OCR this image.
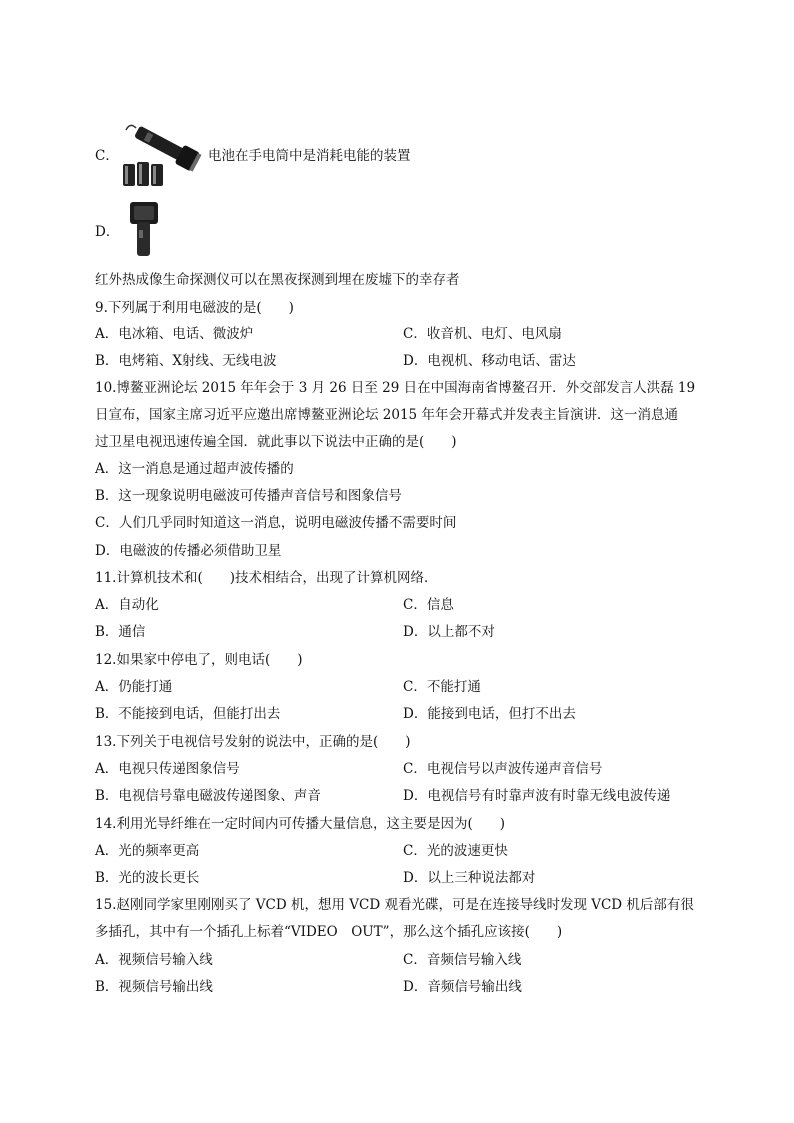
C．	电池在手电筒中是消耗电能的装置
D．
红外热成像生命探测仪可以在黑夜探测到埋在废墟下的幸存者
9.下列属于利用电磁波的是(　　)
A．电冰箱、电话、微波炉	C．收音机、电灯、电风扇
B．电烤箱、X射线、无线电波	D．电视机、移动电话、雷达
10.博鳌亚洲论坛 2015 年年会于 3 月 26 日至 29 日在中国海南省博鳌召开．外交部发言人洪磊 19
日宣布，国家主席习近平应邀出席博鳌亚洲论坛 2015 年年会开幕式并发表主旨演讲．这一消息通
过卫星电视迅速传遍全国．就此事以下说法中正确的是(　　)
A．这一消息是通过超声波传播的
B．这一现象说明电磁波可传播声音信号和图象信号
C．人们几乎同时知道这一消息，说明电磁波传播不需要时间
D．电磁波的传播必须借助卫星
11.计算机技术和(　　)技术相结合，出现了计算机网络．
A．自动化	C．信息
B．通信	D．以上都不对
12.如果家中停电了，则电话(　　)
A．仍能打通	C．不能打通
B．不能接到电话，但能打出去	D．能接到电话，但打不出去
13.下列关于电视信号发射的说法中，正确的是(　　)
A．电视只传递图象信号	C．电视信号以声波传递声音信号
B．电视信号靠电磁波传递图象、声音	D．电视信号有时靠声波有时靠无线电波传递
14.利用光导纤维在一定时间内可传播大量信息，这主要是因为(　　)
A．光的频率更高	C．光的波速更快
B．光的波长更长	D．以上三种说法都对
15.赵刚同学家里刚刚买了 VCD 机，想用 VCD 观看光碟，可是在连接导线时发现 VCD 机后部有很
多插孔，其中有一个插孔上标着“VIDEO　OUT”，那么这个插孔应该接(　　)
A．视频信号输入线	C．音频信号输入线
B．视频信号输出线	D．音频信号输出线
